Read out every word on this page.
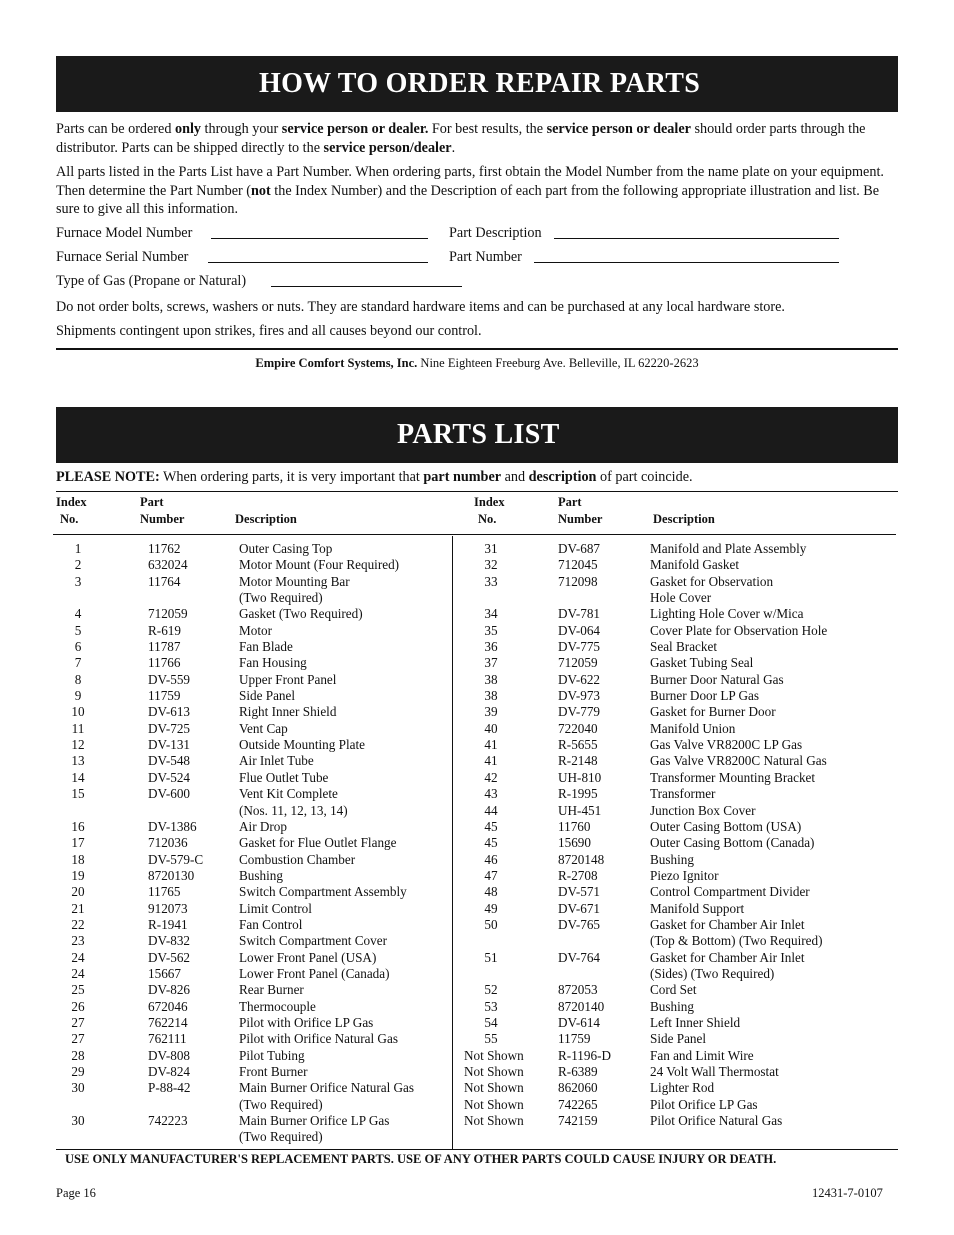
HOW TO ORDER REPAIR PARTS

Parts can be ordered only through your service person or dealer. For best results, the service person or dealer should order parts through the distributor. Parts can be shipped directly to the service person/dealer.

All parts listed in the Parts List have a Part Number. When ordering parts, first obtain the Model Number from the name plate on your equipment. Then determine the Part Number (not the Index Number) and the Description of each part from the following appropriate illustration and list. Be sure to give all this information.

Furnace Model Number	Part Description
Furnace Serial Number	Part Number
Type of Gas (Propane or Natural)

Do not order bolts, screws, washers or nuts. They are standard hardware items and can be purchased at any local hardware store.

Shipments contingent upon strikes, fires and all causes beyond our control.

Empire Comfort Systems, Inc. Nine Eighteen Freeburg Ave. Belleville, IL 62220-2623
PARTS LIST
PLEASE NOTE: When ordering parts, it is very important that part number and description of part coincide.
Index
No.
Part
Number	Description
Index
No.
Part
Number	Description
1	11762	Outer Casing Top
2	632024	Motor Mount (Four Required)
3	11764	Motor Mounting Bar
(Two Required)
4	712059	Gasket (Two Required)
5	R-619	Motor
6	11787	Fan Blade
7	11766	Fan Housing
8	DV-559	Upper Front Panel
9	11759	Side Panel
10	DV-613	Right Inner Shield
11	DV-725	Vent Cap
12	DV-131	Outside Mounting Plate
13	DV-548	Air Inlet Tube
14	DV-524	Flue Outlet Tube
15	DV-600	Vent Kit Complete
(Nos. 11, 12, 13, 14)
16	DV-1386	Air Drop
17	712036	Gasket for Flue Outlet Flange
18	DV-579-C	Combustion Chamber
19	8720130	Bushing
20	11765	Switch Compartment Assembly
21	912073	Limit Control
22	R-1941	Fan Control
23	DV-832	Switch Compartment Cover
24	DV-562	Lower Front Panel (USA)
24	15667	Lower Front Panel (Canada)
25	DV-826	Rear Burner
26	672046	Thermocouple
27	762214	Pilot with Orifice LP Gas
27	762111	Pilot with Orifice Natural Gas
28	DV-808	Pilot Tubing
29	DV-824	Front Burner
30	P-88-42	Main Burner Orifice Natural Gas
(Two Required)
30	742223	Main Burner Orifice LP Gas
(Two Required)
31	DV-687	Manifold and Plate Assembly
32	712045	Manifold Gasket
33	712098	Gasket for Observation
Hole Cover
34	DV-781	Lighting Hole Cover w/Mica
35	DV-064	Cover Plate for Observation Hole
36	DV-775	Seal Bracket
37	712059	Gasket Tubing Seal
38	DV-622	Burner Door Natural Gas
38	DV-973	Burner Door LP Gas
39	DV-779	Gasket for Burner Door
40	722040	Manifold Union
41	R-5655	Gas Valve VR8200C LP Gas
41	R-2148	Gas Valve VR8200C Natural Gas
42	UH-810	Transformer Mounting Bracket
43	R-1995	Transformer
44	UH-451	Junction Box Cover
45	11760	Outer Casing Bottom (USA)
45	15690	Outer Casing Bottom (Canada)
46	8720148	Bushing
47	R-2708	Piezo Ignitor
48	DV-571	Control Compartment Divider
49	DV-671	Manifold Support
50	DV-765	Gasket for Chamber Air Inlet
(Top & Bottom) (Two Required)
51	DV-764	Gasket for Chamber Air Inlet
(Sides) (Two Required)
52	872053	Cord Set
53	8720140	Bushing
54	DV-614	Left Inner Shield
55	11759	Side Panel
Not Shown	R-1196-D	Fan and Limit Wire
Not Shown	R-6389	24 Volt Wall Thermostat
Not Shown	862060	Lighter Rod
Not Shown	742265	Pilot Orifice LP Gas
Not Shown	742159	Pilot Orifice Natural Gas
USE ONLY MANUFACTURER'S REPLACEMENT PARTS. USE OF ANY OTHER PARTS COULD CAUSE INJURY OR DEATH.
Page 16	12431-7-0107
